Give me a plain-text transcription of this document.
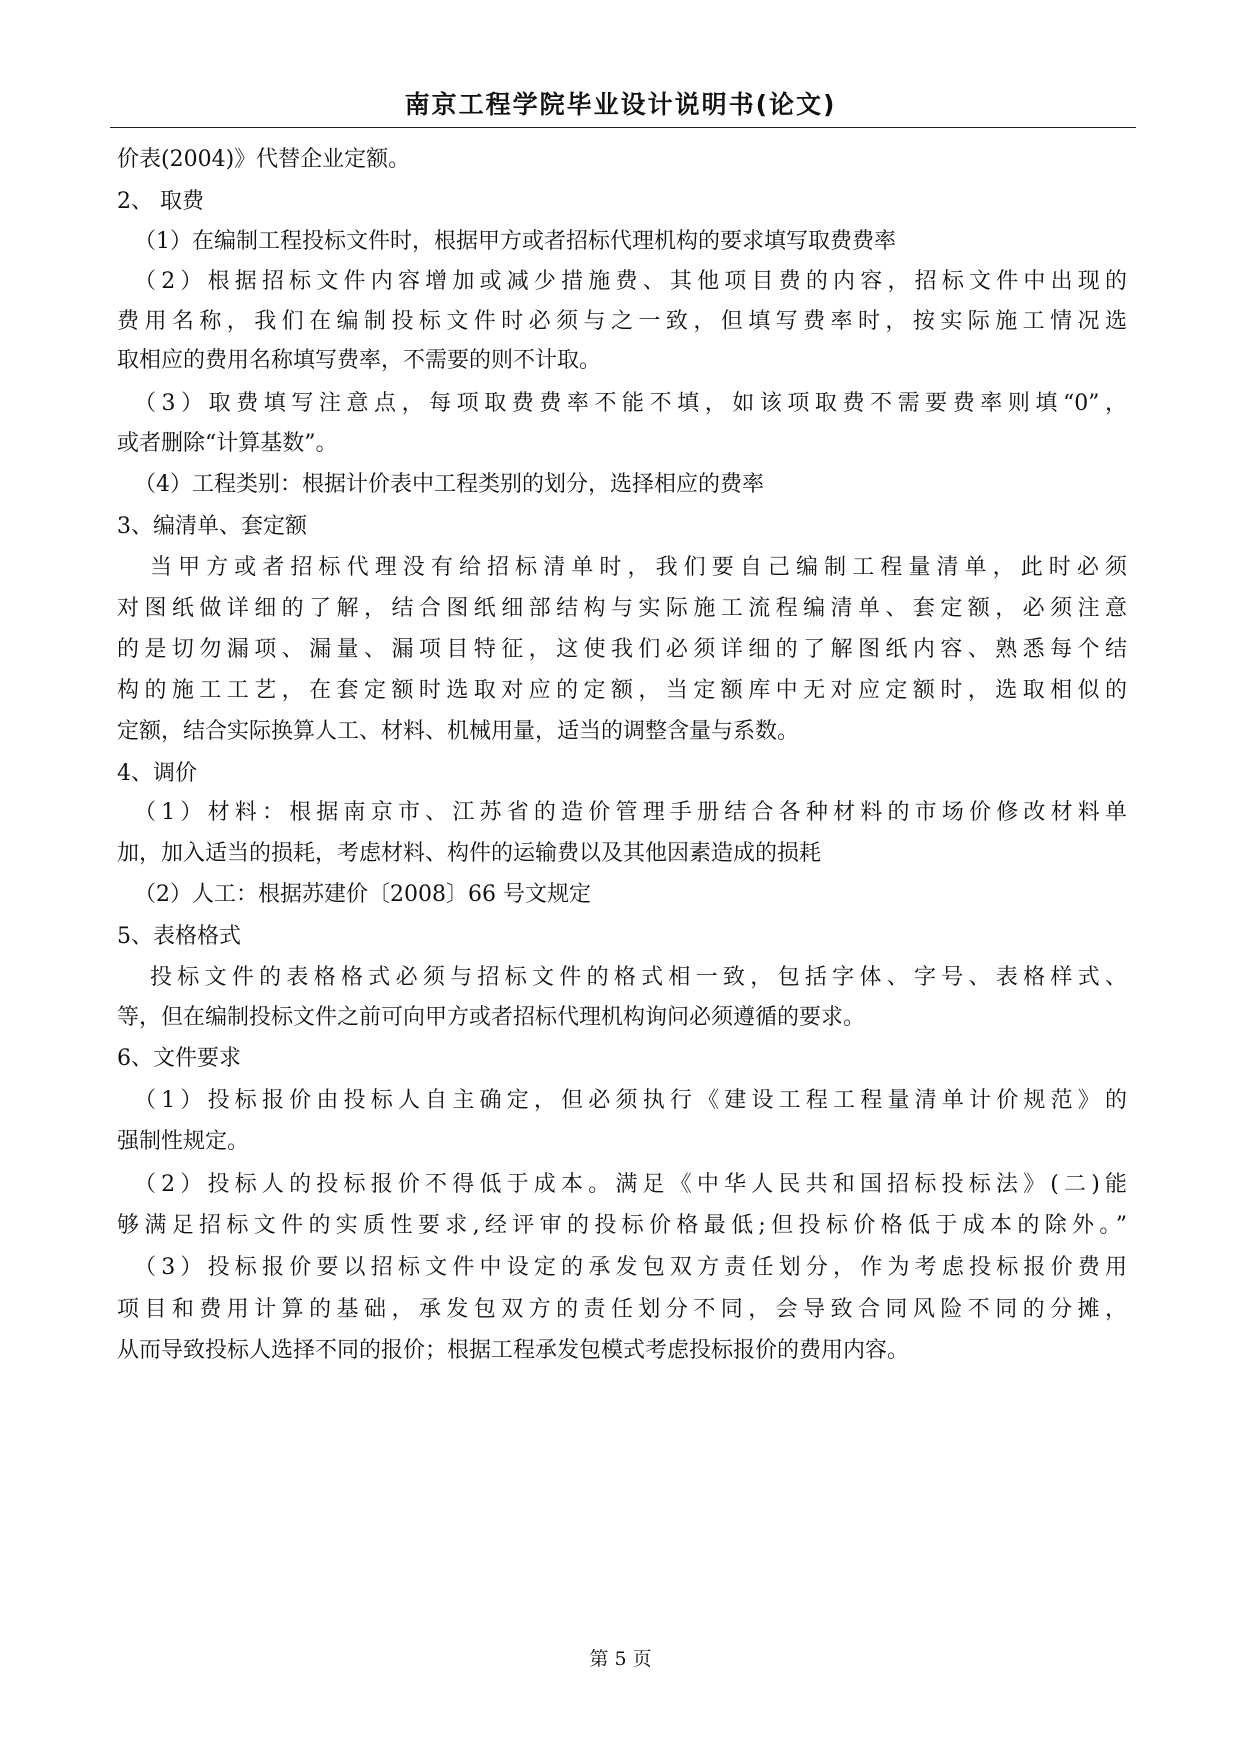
南京工程学院毕业设计说明书(论文)
价表(2004)》代替企业定额。
2、 取费
（1）在编制工程投标文件时，根据甲方或者招标代理机构的要求填写取费费率
（2）根据招标文件内容增加或减少措施费、其他项目费的内容，招标文件中出现的
费用名称，我们在编制投标文件时必须与之一致，但填写费率时，按实际施工情况选
取相应的费用名称填写费率，不需要的则不计取。
（3）取费填写注意点，每项取费费率不能不填，如该项取费不需要费率则填“0”，
或者删除“计算基数”。
（4）工程类别：根据计价表中工程类别的划分，选择相应的费率
3、编清单、套定额
当甲方或者招标代理没有给招标清单时，我们要自己编制工程量清单，此时必须
对图纸做详细的了解，结合图纸细部结构与实际施工流程编清单、套定额，必须注意
的是切勿漏项、漏量、漏项目特征，这使我们必须详细的了解图纸内容、熟悉每个结
构的施工工艺，在套定额时选取对应的定额，当定额库中无对应定额时，选取相似的
定额，结合实际换算人工、材料、机械用量，适当的调整含量与系数。
4、调价
（1）材料：根据南京市、江苏省的造价管理手册结合各种材料的市场价修改材料单
加，加入适当的损耗，考虑材料、构件的运输费以及其他因素造成的损耗
（2）人工：根据苏建价〔2008〕66 号文规定
5、表格格式
投标文件的表格格式必须与招标文件的格式相一致，包括字体、字号、表格样式、
等，但在编制投标文件之前可向甲方或者招标代理机构询问必须遵循的要求。
6、文件要求
（1）投标报价由投标人自主确定，但必须执行《建设工程工程量清单计价规范》的
强制性规定。
（2）投标人的投标报价不得低于成本。满足《中华人民共和国招标投标法》(二)能
够满足招标文件的实质性要求,经评审的投标价格最低;但投标价格低于成本的除外。”
（3）投标报价要以招标文件中设定的承发包双方责任划分，作为考虑投标报价费用
项目和费用计算的基础，承发包双方的责任划分不同，会导致合同风险不同的分摊，
从而导致投标人选择不同的报价；根据工程承发包模式考虑投标报价的费用内容。
第 5 页
